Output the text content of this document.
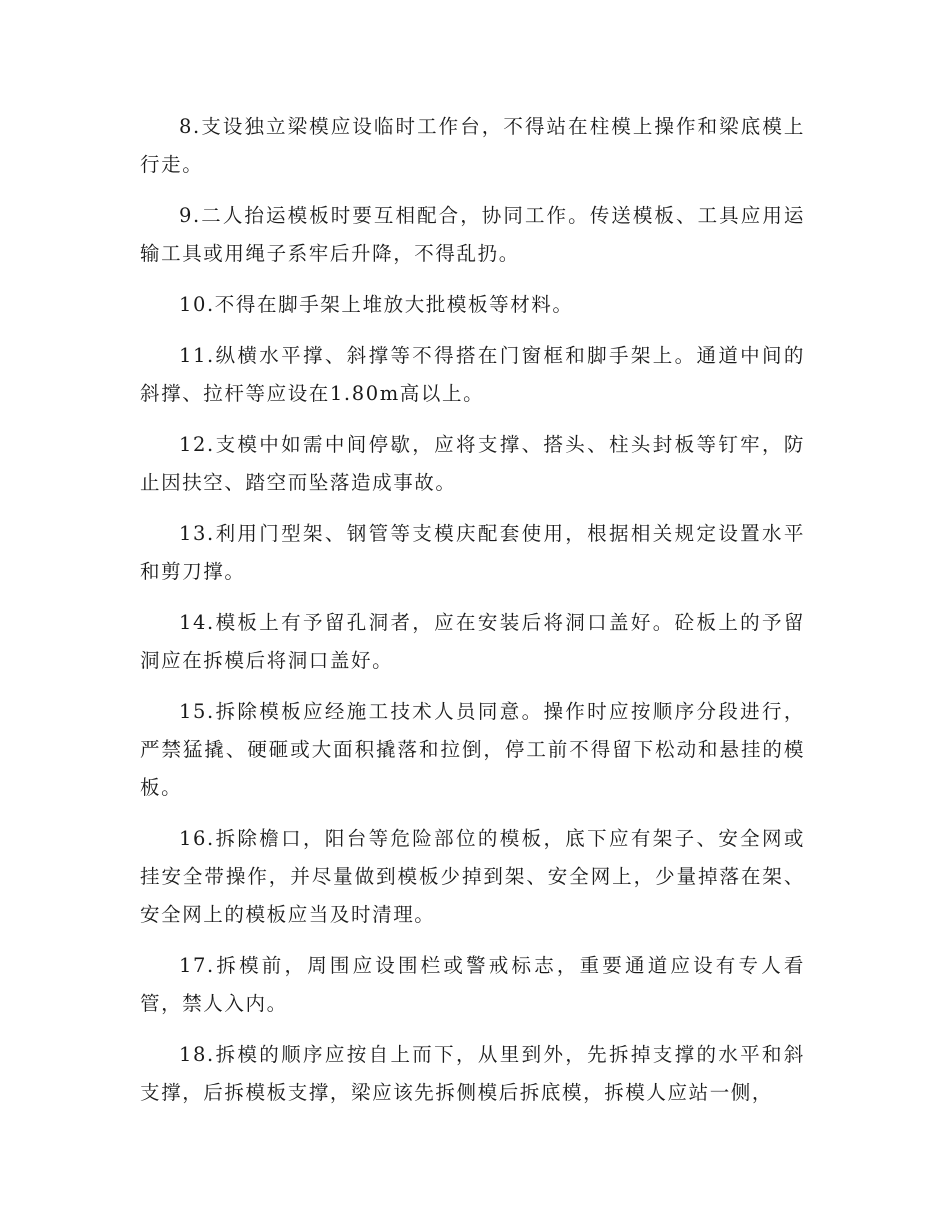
8.支设独立梁模应设临时工作台，不得站在柱模上操作和梁底模上行走。

9.二人抬运模板时要互相配合，协同工作。传送模板、工具应用运输工具或用绳子系牢后升降，不得乱扔。

10.不得在脚手架上堆放大批模板等材料。

11.纵横水平撑、斜撑等不得搭在门窗框和脚手架上。通道中间的斜撑、拉杆等应设在1.80m高以上。

12.支模中如需中间停歇，应将支撑、搭头、柱头封板等钉牢，防止因扶空、踏空而坠落造成事故。

13.利用门型架、钢管等支模庆配套使用，根据相关规定设置水平和剪刀撑。

14.模板上有予留孔洞者，应在安装后将洞口盖好。砼板上的予留洞应在拆模后将洞口盖好。

15.拆除模板应经施工技术人员同意。操作时应按顺序分段进行，严禁猛撬、硬砸或大面积撬落和拉倒，停工前不得留下松动和悬挂的模板。

16.拆除檐口，阳台等危险部位的模板，底下应有架子、安全网或挂安全带操作，并尽量做到模板少掉到架、安全网上，少量掉落在架、安全网上的模板应当及时清理。

17.拆模前，周围应设围栏或警戒标志，重要通道应设有专人看管，禁人入内。

18.拆模的顺序应按自上而下，从里到外，先拆掉支撑的水平和斜支撑，后拆模板支撑，梁应该先拆侧模后拆底模，拆模人应站一侧，
